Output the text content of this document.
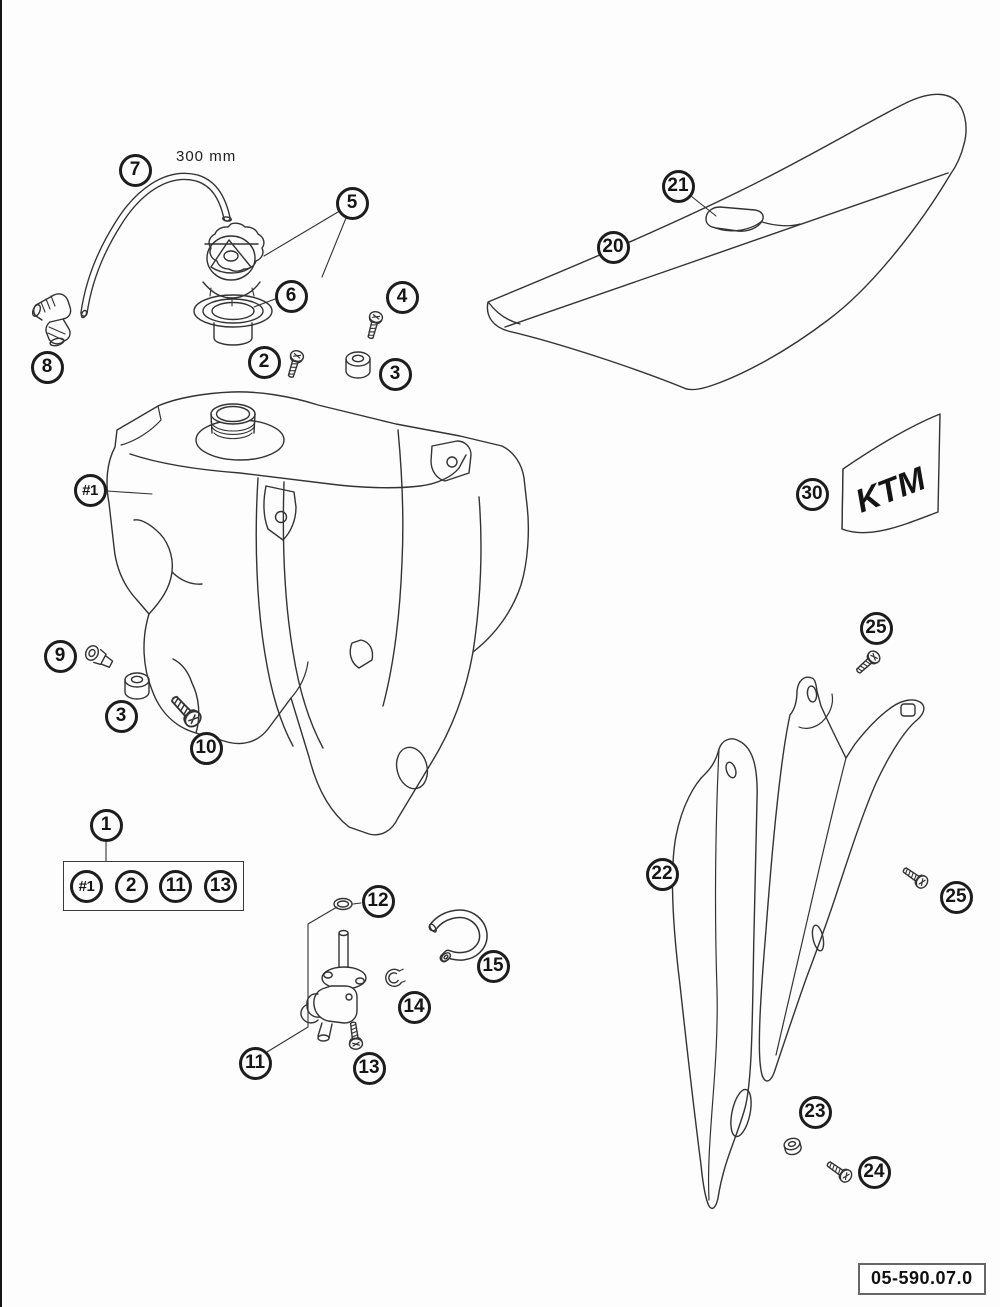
KTM
300 mm
#1	2	11	13
7
5
6
8	2
3
4
20
21
30
#1
9
3
10
1
12
11	13
14
15
22
25
25
23
24
05-590.07.0
